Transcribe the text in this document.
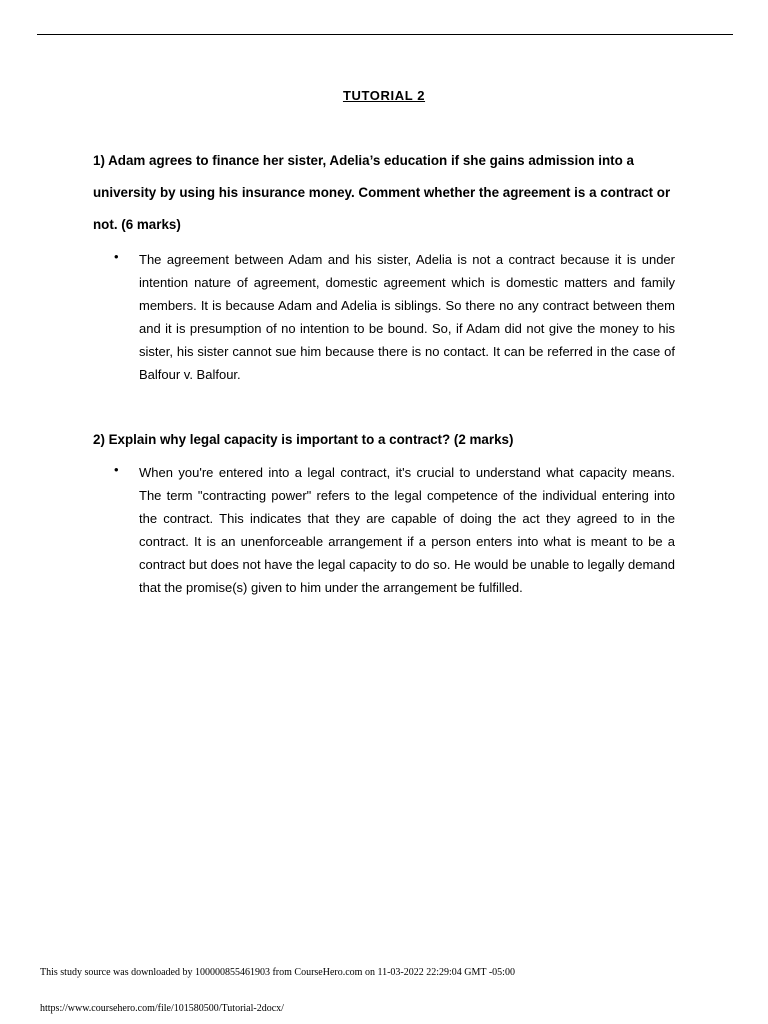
TUTORIAL 2
1) Adam agrees to finance her sister, Adelia’s education if she gains admission into a university by using his insurance money. Comment whether the agreement is a contract or not. (6 marks)
• The agreement between Adam and his sister, Adelia is not a contract because it is under intention nature of agreement, domestic agreement which is domestic matters and family members. It is because Adam and Adelia is siblings. So there no any contract between them and it is presumption of no intention to be bound. So, if Adam did not give the money to his sister, his sister cannot sue him because there is no contact. It can be referred in the case of Balfour v. Balfour.
2) Explain why legal capacity is important to a contract? (2 marks)
• When you're entered into a legal contract, it's crucial to understand what capacity means. The term "contracting power" refers to the legal competence of the individual entering into the contract. This indicates that they are capable of doing the act they agreed to in the contract. It is an unenforceable arrangement if a person enters into what is meant to be a contract but does not have the legal capacity to do so. He would be unable to legally demand that the promise(s) given to him under the arrangement be fulfilled.
This study source was downloaded by 100000855461903 from CourseHero.com on 11-03-2022 22:29:04 GMT -05:00
https://www.coursehero.com/file/101580500/Tutorial-2docx/
